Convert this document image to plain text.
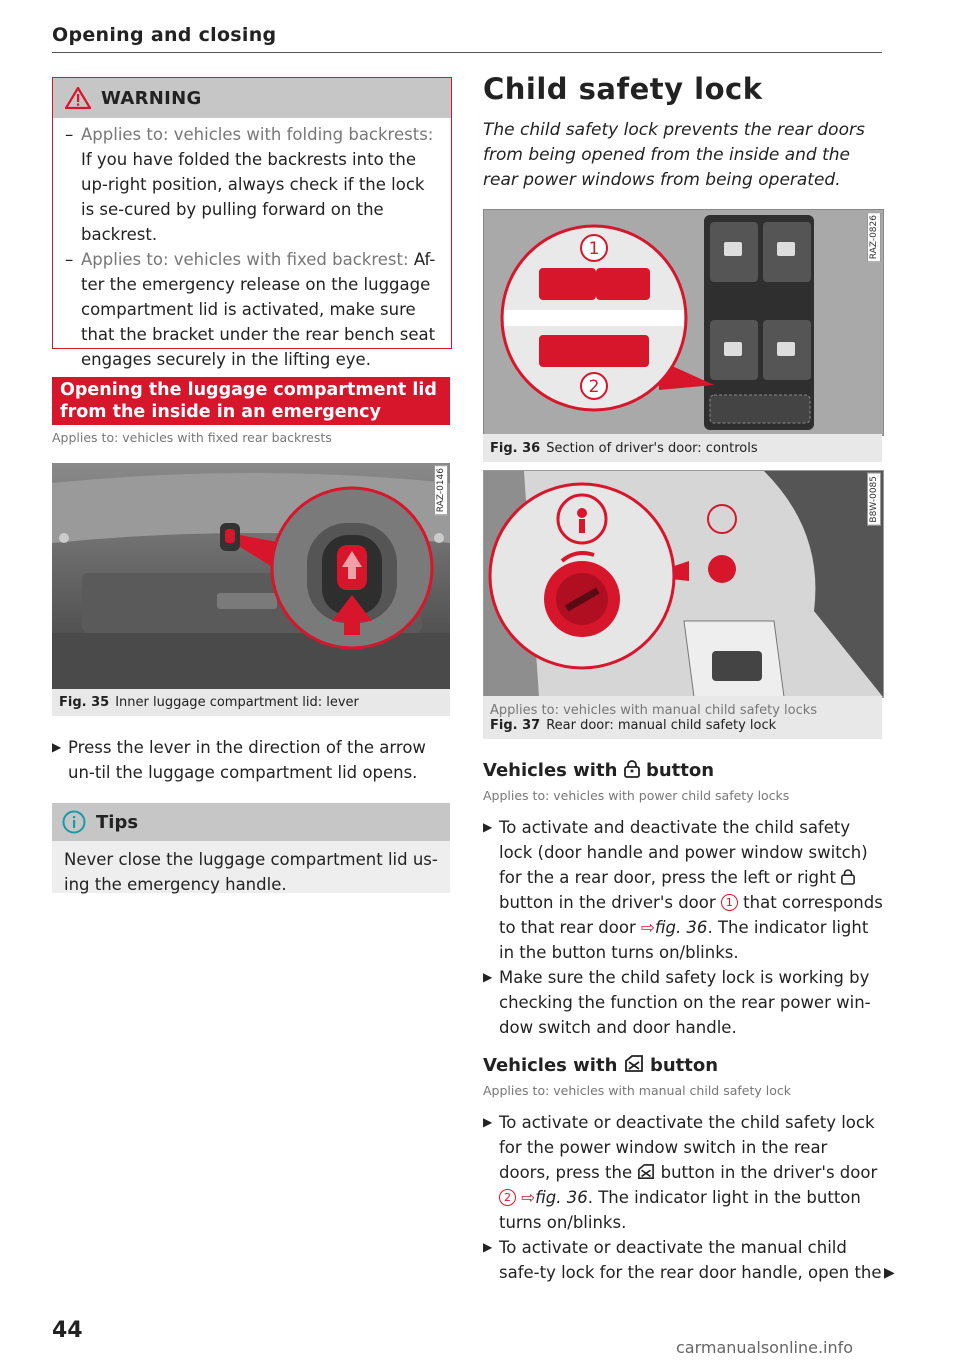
Opening and closing
WARNING
– Applies to: vehicles with folding backrests: If you have folded the backrests into the up-right position, always check if the lock is se-cured by pulling forward on the backrest.
– Applies to: vehicles with fixed backrest: Af-ter the emergency release on the luggage compartment lid is activated, make sure that the bracket under the rear bench seat engages securely in the lifting eye.
Opening the luggage compartment lid
from the inside in an emergency
Applies to: vehicles with fixed rear backrests
RAZ-0146
Fig. 35 Inner luggage compartment lid: lever
▶ Press the lever in the direction of the arrow un-til the luggage compartment lid opens.
Tips
Never close the luggage compartment lid us-ing the emergency handle.
44
Child safety lock
The child safety lock prevents the rear doors from being opened from the inside and the rear power windows from being operated.
1
2
RAZ-0826
Fig. 36 Section of driver's door: controls
B8W-0085
Applies to: vehicles with manual child safety locks
Fig. 37 Rear door: manual child safety lock
Vehicles with button
Applies to: vehicles with power child safety locks
▶ To activate and deactivate the child safety lock (door handle and power window switch) for the a rear door, press the left or right  button in the driver's door 1 that corresponds to that rear door ⇨fig. 36. The indicator light in the button turns on/blinks.
▶ Make sure the child safety lock is working by checking the function on the rear power win-dow switch and door handle.
Vehicles with button
Applies to: vehicles with manual child safety lock
▶ To activate or deactivate the child safety lock for the power window switch in the rear doors, press the button in the driver's door 2 ⇨fig. 36. The indicator light in the button turns on/blinks.
▶ To activate or deactivate the manual child safe-ty lock for the rear door handle, open the ▶
carmanualsonline.info
